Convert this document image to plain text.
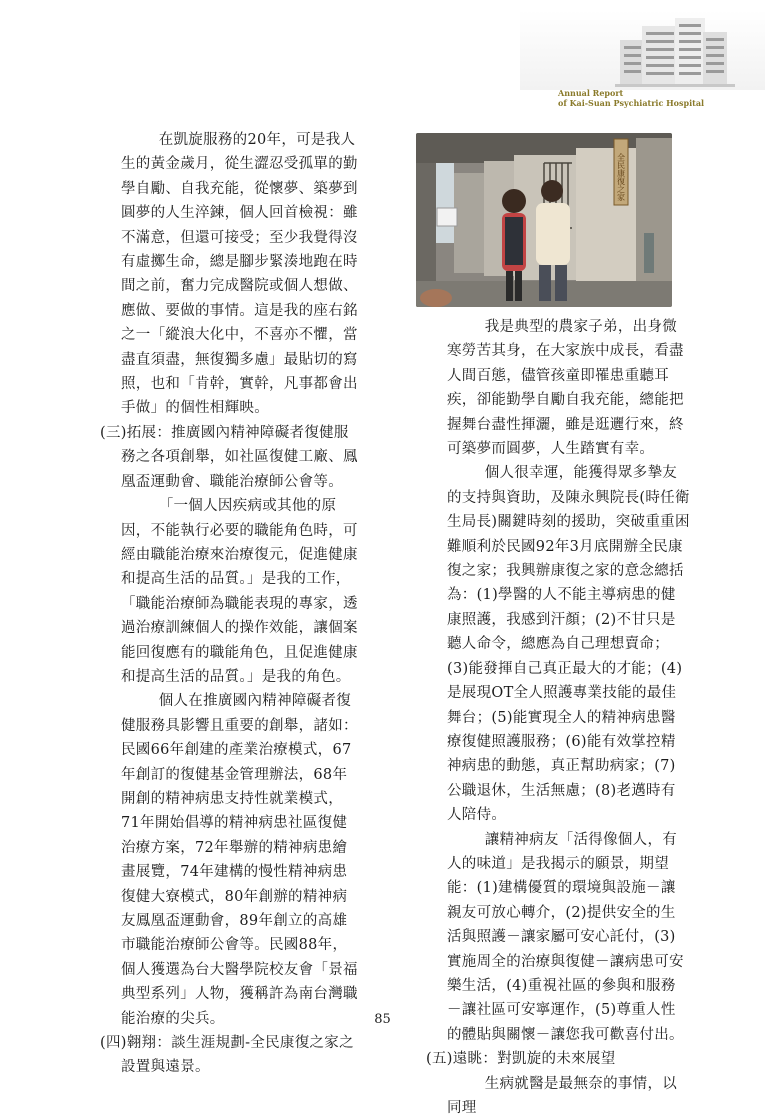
Annual Report
of Kai-Suan Psychiatric Hospital

在凱旋服務的20年，可是我人生的黃金歲月，從生澀忍受孤單的勤學自勵、自我充能，從懷夢、築夢到圓夢的人生淬鍊，個人回首檢視：雖不滿意，但還可接受；至少我覺得沒有虛擲生命，總是腳步緊湊地跑在時間之前，奮力完成醫院或個人想做、應做、要做的事情。這是我的座右銘之一「縱浪大化中，不喜亦不懼，當盡直須盡，無復獨多慮」最貼切的寫照，也和「肯幹，實幹，凡事都會出手做」的個性相輝映。

(三)拓展：推廣國內精神障礙者復健服務之各項創舉，如社區復健工廠、鳳凰盃運動會、職能治療師公會等。

「一個人因疾病或其他的原因，不能執行必要的職能角色時，可經由職能治療來治療復元，促進健康和提高生活的品質。」是我的工作，「職能治療師為職能表現的專家，透過治療訓練個人的操作效能，讓個案能回復應有的職能角色，且促進健康和提高生活的品質。」是我的角色。

個人在推廣國內精神障礙者復健服務具影響且重要的創舉，諸如：民國66年創建的產業治療模式，67年創訂的復健基金管理辦法，68年開創的精神病患支持性就業模式，71年開始倡導的精神病患社區復健治療方案，72年舉辦的精神病患繪畫展覽，74年建構的慢性精神病患復健大寮模式，80年創辦的精神病友鳳凰盃運動會，89年創立的高雄市職能治療師公會等。民國88年，個人獲選為台大醫學院校友會「景福典型系列」人物，獲稱許為南台灣職能治療的尖兵。

(四)翱翔：談生涯規劃-全民康復之家之設置與遠景。

全民康復之家

我是典型的農家子弟，出身微寒勞苦其身，在大家族中成長，看盡人間百態，儘管孩童即罹患重聽耳疾，卻能勤學自勵自我充能，總能把握舞台盡性揮灑，雖是逛邐行來，終可築夢而圓夢，人生踏實有幸。

個人很幸運，能獲得眾多摯友的支持與資助，及陳永興院長(時任衛生局長)關鍵時刻的援助，突破重重困難順利於民國92年3月底開辦全民康復之家；我興辦康復之家的意念總括為：(1)學醫的人不能主導病患的健康照護，我感到汗顏；(2)不甘只是聽人命令，總應為自己理想賣命；(3)能發揮自己真正最大的才能；(4)是展現OT全人照護專業技能的最佳舞台；(5)能實現全人的精神病患醫療復健照護服務；(6)能有效掌控精神病患的動態，真正幫助病家；(7)公職退休，生活無慮；(8)老邁時有人陪侍。

讓精神病友「活得像個人，有人的味道」是我揭示的願景，期望能：(1)建構優質的環境與設施－讓親友可放心轉介，(2)提供安全的生活與照護－讓家屬可安心託付，(3)實施周全的治療與復健－讓病患可安樂生活，(4)重視社區的參與和服務－讓社區可安寧運作，(5)尊重人性的體貼與關懷－讓您我可歡喜付出。

(五)遠眺：對凱旋的未來展望

生病就醫是最無奈的事情，以同理

85
